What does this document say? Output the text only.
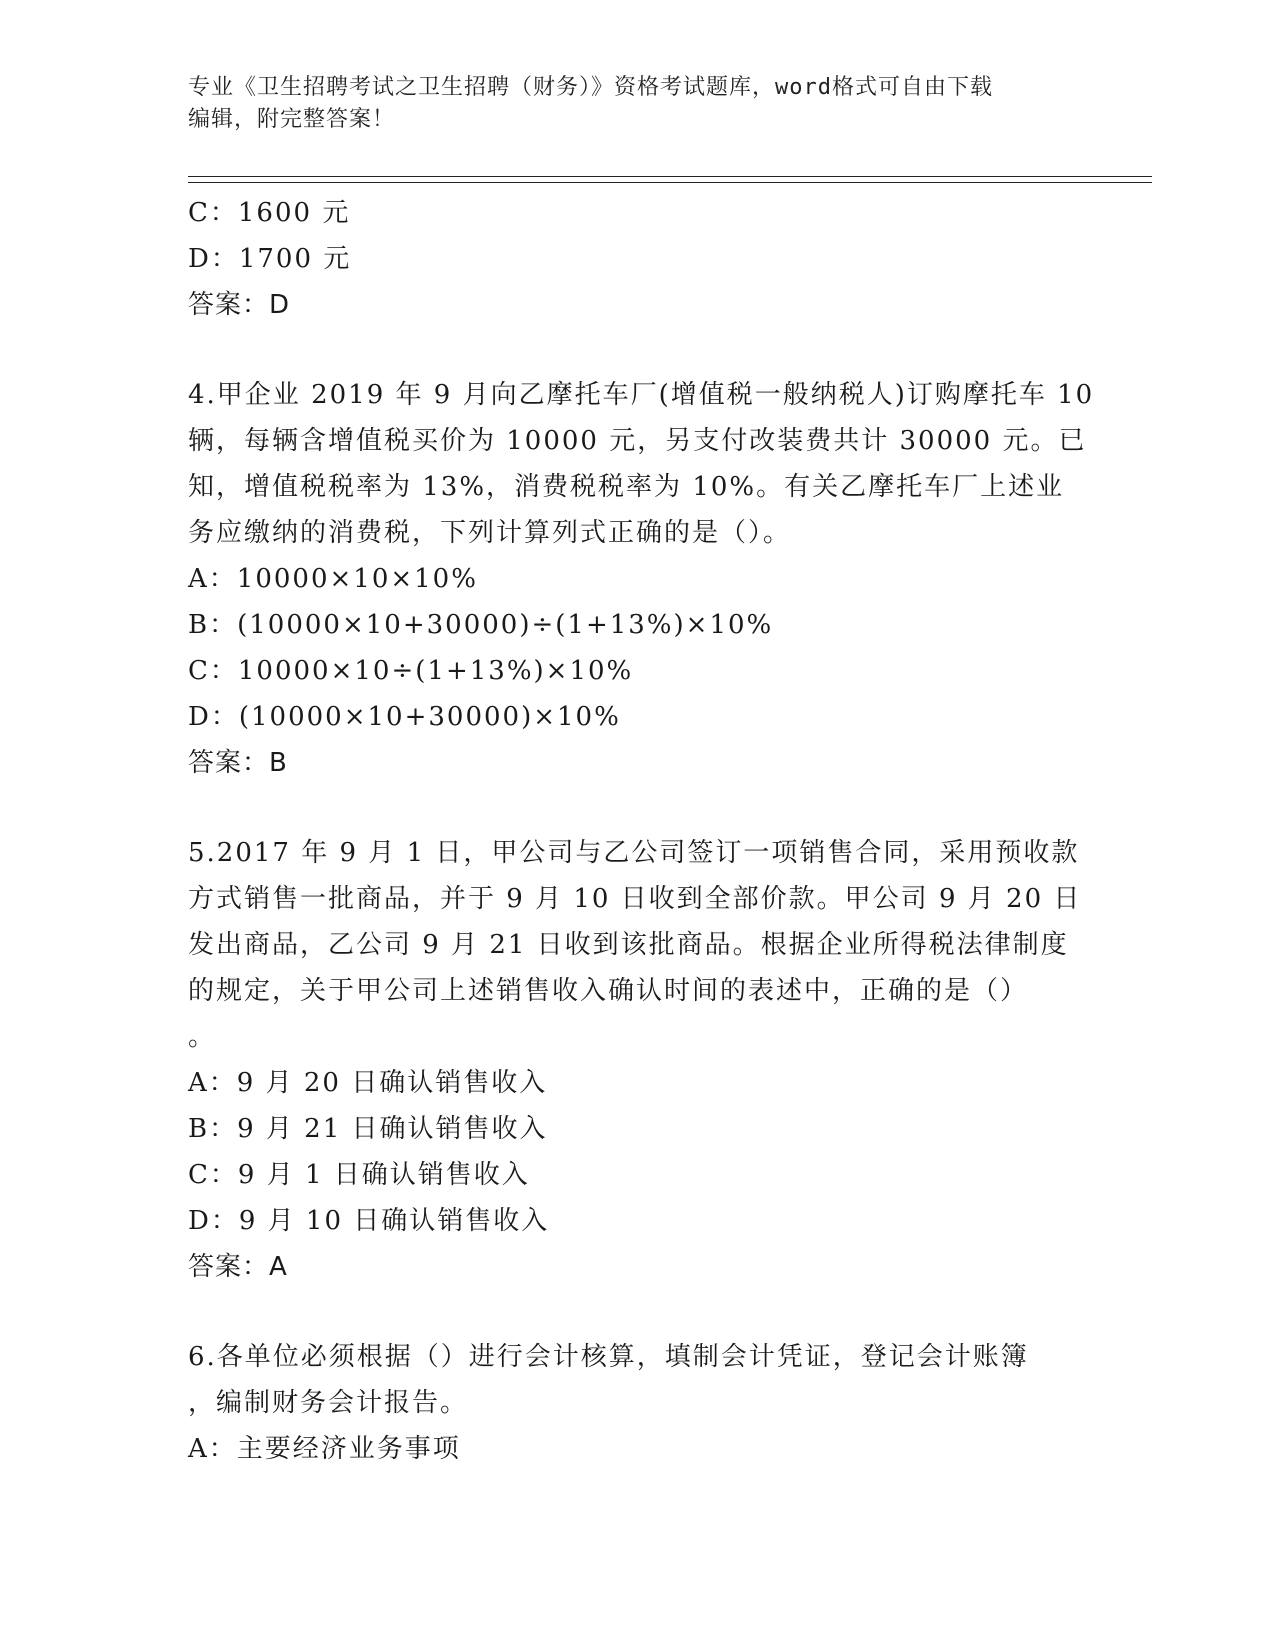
专业《卫生招聘考试之卫生招聘（财务）》资格考试题库，word格式可自由下载
编辑，附完整答案！

C：1600 元

D：1700 元

答案：D

4.甲企业 2019 年 9 月向乙摩托车厂(增值税一般纳税人)订购摩托车 10

辆，每辆含增值税买价为 10000 元，另支付改装费共计 30000 元。已

知，增值税税率为 13%，消费税税率为 10%。有关乙摩托车厂上述业

务应缴纳的消费税，下列计算列式正确的是（）。

A：10000×10×10%

B：(10000×10+30000)÷(1+13%)×10%

C：10000×10÷(1+13%)×10%

D：(10000×10+30000)×10%

答案：B

5.2017 年 9 月 1 日，甲公司与乙公司签订一项销售合同，采用预收款

方式销售一批商品，并于 9 月 10 日收到全部价款。甲公司 9 月 20 日

发出商品，乙公司 9 月 21 日收到该批商品。根据企业所得税法律制度

的规定，关于甲公司上述销售收入确认时间的表述中，正确的是（）

。

A：9 月 20 日确认销售收入

B：9 月 21 日确认销售收入

C：9 月 1 日确认销售收入

D：9 月 10 日确认销售收入

答案：A

6.各单位必须根据（）进行会计核算，填制会计凭证，登记会计账簿

，编制财务会计报告。

A：主要经济业务事项
